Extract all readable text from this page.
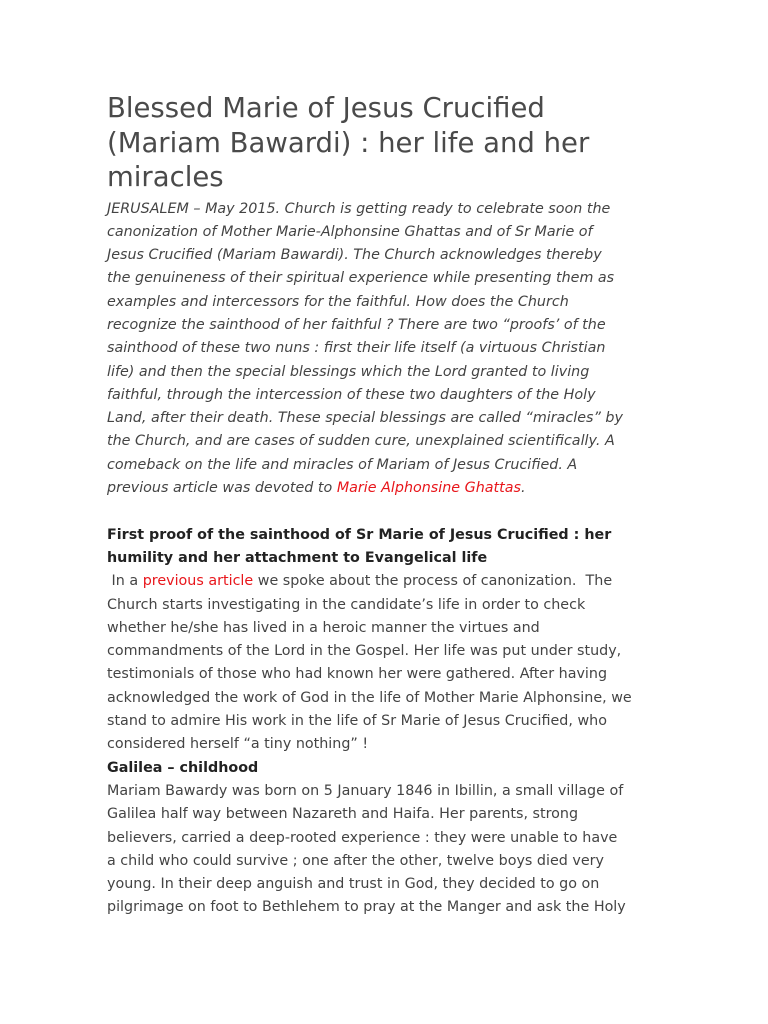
Blessed Marie of Jesus Crucified
(Mariam Bawardi) : her life and her
miracles

JERUSALEM – May 2015. Church is getting ready to celebrate soon the
canonization of Mother Marie-Alphonsine Ghattas and of Sr Marie of
Jesus Crucified (Mariam Bawardi). The Church acknowledges thereby
the genuineness of their spiritual experience while presenting them as
examples and intercessors for the faithful. How does the Church
recognize the sainthood of her faithful ? There are two “proofs’ of the
sainthood of these two nuns : first their life itself (a virtuous Christian
life) and then the special blessings which the Lord granted to living
faithful, through the intercession of these two daughters of the Holy
Land, after their death. These special blessings are called “miracles” by
the Church, and are cases of sudden cure, unexplained scientifically. A
comeback on the life and miracles of Mariam of Jesus Crucified. A
previous article was devoted to Marie Alphonsine Ghattas.

First proof of the sainthood of Sr Marie of Jesus Crucified : her
humility and her attachment to Evangelical life
In a previous article we spoke about the process of canonization.  The
Church starts investigating in the candidate’s life in order to check
whether he/she has lived in a heroic manner the virtues and
commandments of the Lord in the Gospel. Her life was put under study,
testimonials of those who had known her were gathered. After having
acknowledged the work of God in the life of Mother Marie Alphonsine, we
stand to admire His work in the life of Sr Marie of Jesus Crucified, who
considered herself “a tiny nothing” !
Galilea – childhood
Mariam Bawardy was born on 5 January 1846 in Ibillin, a small village of
Galilea half way between Nazareth and Haifa. Her parents, strong
believers, carried a deep-rooted experience : they were unable to have
a child who could survive ; one after the other, twelve boys died very
young. In their deep anguish and trust in God, they decided to go on
pilgrimage on foot to Bethlehem to pray at the Manger and ask the Holy
